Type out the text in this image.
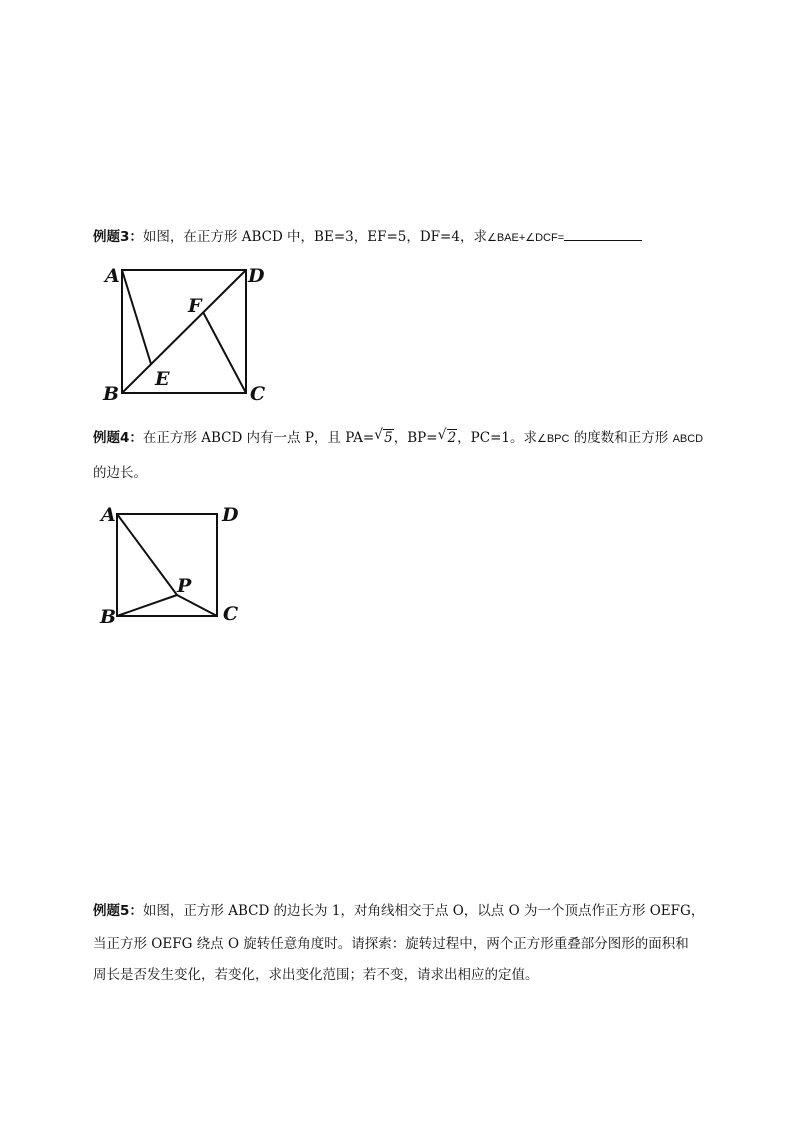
例题3：如图，在正方形 ABCD 中，BE=3，EF=5，DF=4，求∠BAE+∠DCF=
A	D
B	C
E
F
例题4：在正方形 ABCD 内有一点 P，且 PA= √ 5，BP= √ 2，PC=1。求∠BPC 的度数和正方形 ABCD
的边长。
A	D
B	C
P
例题5：如图，正方形 ABCD 的边长为 1，对角线相交于点 O，以点 O 为一个顶点作正方形 OEFG，
当正方形 OEFG 绕点 O 旋转任意角度时。请探索：旋转过程中，两个正方形重叠部分图形的面积和
周长是否发生变化，若变化，求出变化范围；若不变，请求出相应的定值。
